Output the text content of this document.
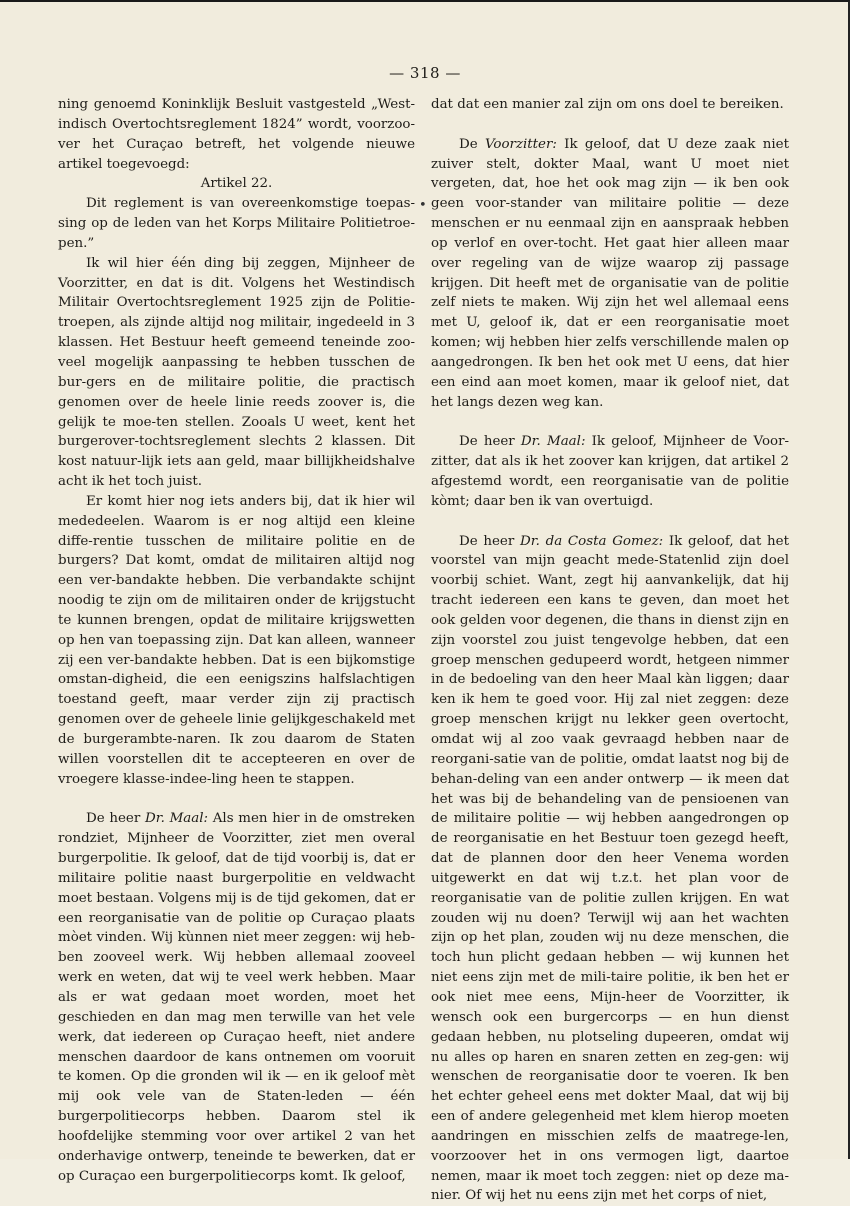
— 318 —
•

ning genoemd Koninklijk Besluit vastgesteld „West-indisch Overtochtsreglement 1824” wordt, voorzoo-ver het Curaçao betreft, het volgende nieuwe artikel toegevoegd:

Artikel 22.

Dit reglement is van overeenkomstige toepas-sing op de leden van het Korps Militaire Politietroe-pen.”

Ik wil hier één ding bij zeggen, Mijnheer de Voorzitter, en dat is dit. Volgens het Westindisch Militair Overtochtsreglement 1925 zijn de Politie-troepen, als zijnde altijd nog militair, ingedeeld in 3 klassen. Het Bestuur heeft gemeend teneinde zoo-veel mogelijk aanpassing te hebben tusschen de bur-gers en de militaire politie, die practisch genomen over de heele linie reeds zoover is, die gelijk te moe-ten stellen. Zooals U weet, kent het burgerover-tochtsreglement slechts 2 klassen. Dit kost natuur-lijk iets aan geld, maar billijkheidshalve acht ik het toch juist.

Er komt hier nog iets anders bij, dat ik hier wil mededeelen. Waarom is er nog altijd een kleine diffe-rentie tusschen de militaire politie en de burgers? Dat komt, omdat de militairen altijd nog een ver-bandakte hebben. Die verbandakte schijnt noodig te zijn om de militairen onder de krijgstucht te kunnen brengen, opdat de militaire krijgswetten op hen van toepassing zijn. Dat kan alleen, wanneer zij een ver-bandakte hebben. Dat is een bijkomstige omstan-digheid, die een eenigszins halfslachtigen toestand geeft, maar verder zijn zij practisch genomen over de geheele linie gelijkgeschakeld met de burgerambte-naren. Ik zou daarom de Staten willen voorstellen dit te accepteeren en over de vroegere klasse-indee-ling heen te stappen.

De heer Dr. Maal: Als men hier in de omstreken rondziet, Mijnheer de Voorzitter, ziet men overal burgerpolitie. Ik geloof, dat de tijd voorbij is, dat er militaire politie naast burgerpolitie en veldwacht moet bestaan. Volgens mij is de tijd gekomen, dat er een reorganisatie van de politie op Curaçao plaats mòet vinden. Wij kùnnen niet meer zeggen: wij heb-ben zooveel werk. Wij hebben allemaal zooveel werk en weten, dat wij te veel werk hebben. Maar als er wat gedaan moet worden, moet het geschieden en dan mag men terwille van het vele werk, dat iedereen op Curaçao heeft, niet andere menschen daardoor de kans ontnemen om vooruit te komen. Op die gronden wil ik — en ik geloof mèt mij ook vele van de Staten-leden — één burgerpolitiecorps hebben. Daarom stel ik hoofdelijke stemming voor over artikel 2 van het onderhavige ontwerp, teneinde te bewerken, dat er op Curaçao een burgerpolitiecorps komt. Ik geloof,

dat dat een manier zal zijn om ons doel te bereiken.

De Voorzitter: Ik geloof, dat U deze zaak niet zuiver stelt, dokter Maal, want U moet niet vergeten, dat, hoe het ook mag zijn — ik ben ook geen voor-stander van militaire politie — deze menschen er nu eenmaal zijn en aanspraak hebben op verlof en over-tocht. Het gaat hier alleen maar over regeling van de wijze waarop zij passage krijgen. Dit heeft met de organisatie van de politie zelf niets te maken. Wij zijn het wel allemaal eens met U, geloof ik, dat er een reorganisatie moet komen; wij hebben hier zelfs verschillende malen op aangedrongen. Ik ben het ook met U eens, dat hier een eind aan moet komen, maar ik geloof niet, dat het langs dezen weg kan.

De heer Dr. Maal: Ik geloof, Mijnheer de Voor-zitter, dat als ik het zoover kan krijgen, dat artikel 2 afgestemd wordt, een reorganisatie van de politie kòmt; daar ben ik van overtuigd.

De heer Dr. da Costa Gomez: Ik geloof, dat het voorstel van mijn geacht mede-Statenlid zijn doel voorbij schiet. Want, zegt hij aanvankelijk, dat hij tracht iedereen een kans te geven, dan moet het ook gelden voor degenen, die thans in dienst zijn en zijn voorstel zou juist tengevolge hebben, dat een groep menschen gedupeerd wordt, hetgeen nimmer in de bedoeling van den heer Maal kàn liggen; daar ken ik hem te goed voor. Hij zal niet zeggen: deze groep menschen krijgt nu lekker geen overtocht, omdat wij al zoo vaak gevraagd hebben naar de reorgani-satie van de politie, omdat laatst nog bij de behan-deling van een ander ontwerp — ik meen dat het was bij de behandeling van de pensioenen van de militaire politie — wij hebben aangedrongen op de reorganisatie en het Bestuur toen gezegd heeft, dat de plannen door den heer Venema worden uitgewerkt en dat wij t.z.t. het plan voor de reorganisatie van de politie zullen krijgen. En wat zouden wij nu doen? Terwijl wij aan het wachten zijn op het plan, zouden wij nu deze menschen, die toch hun plicht gedaan hebben — wij kunnen het niet eens zijn met de mili-taire politie, ik ben het er ook niet mee eens, Mijn-heer de Voorzitter, ik wensch ook een burgercorps — en hun dienst gedaan hebben, nu plotseling dupeeren, omdat wij nu alles op haren en snaren zetten en zeg-gen: wij wenschen de reorganisatie door te voeren. Ik ben het echter geheel eens met dokter Maal, dat wij bij een of andere gelegenheid met klem hierop moeten aandringen en misschien zelfs de maatrege-len, voorzoover het in ons vermogen ligt, daartoe nemen, maar ik moet toch zeggen: niet op deze ma-nier. Of wij het nu eens zijn met het corps of niet,
